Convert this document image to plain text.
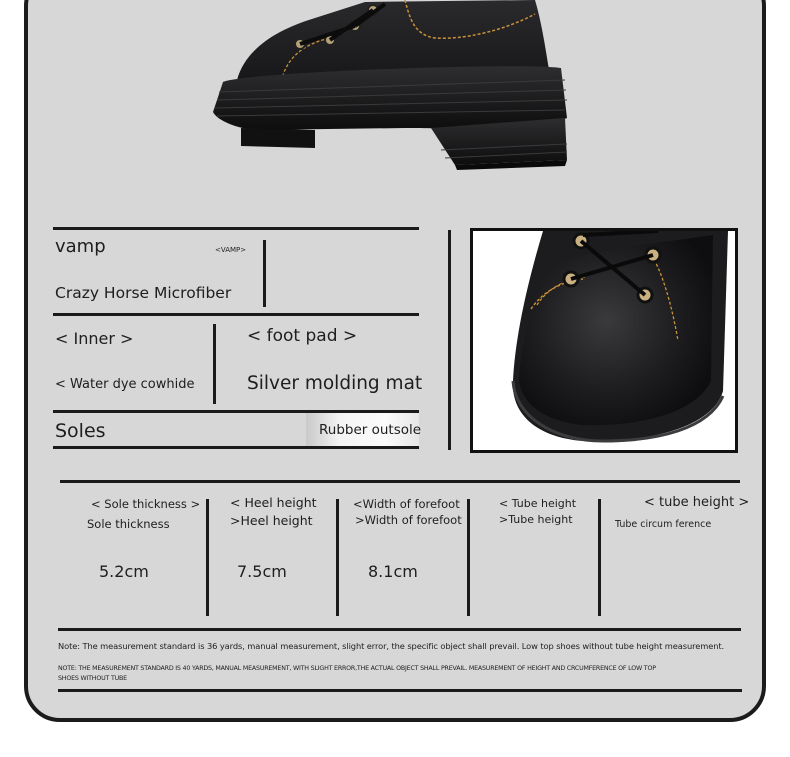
vamp	<VAMP>
Crazy Horse Microfiber
< Inner >
< Water dye cowhide
< foot pad >
Silver molding mat
Soles	Rubber outsole
< Sole thickness >
Sole thickness
5.2cm
< Heel height
>Heel height
7.5cm
<Width of forefoot
>Width of forefoot
8.1cm
< Tube height
>Tube height
< tube height >
Tube circum ference
Note: The measurement standard is 36 yards, manual measurement, slight error, the specific object shall prevail. Low top shoes without tube height measurement.
NOTE: THE MEASUREMENT STANDARD IS 40 YARDS, MANUAL MEASUREMENT, WITH SLIGHT ERROR,THE ACTUAL OBJECT SHALL PREVAIL. MEASUREMENT OF HEIGHT AND CRCUMFERENCE OF LOW TOP
SHOES WITHOUT TUBE
